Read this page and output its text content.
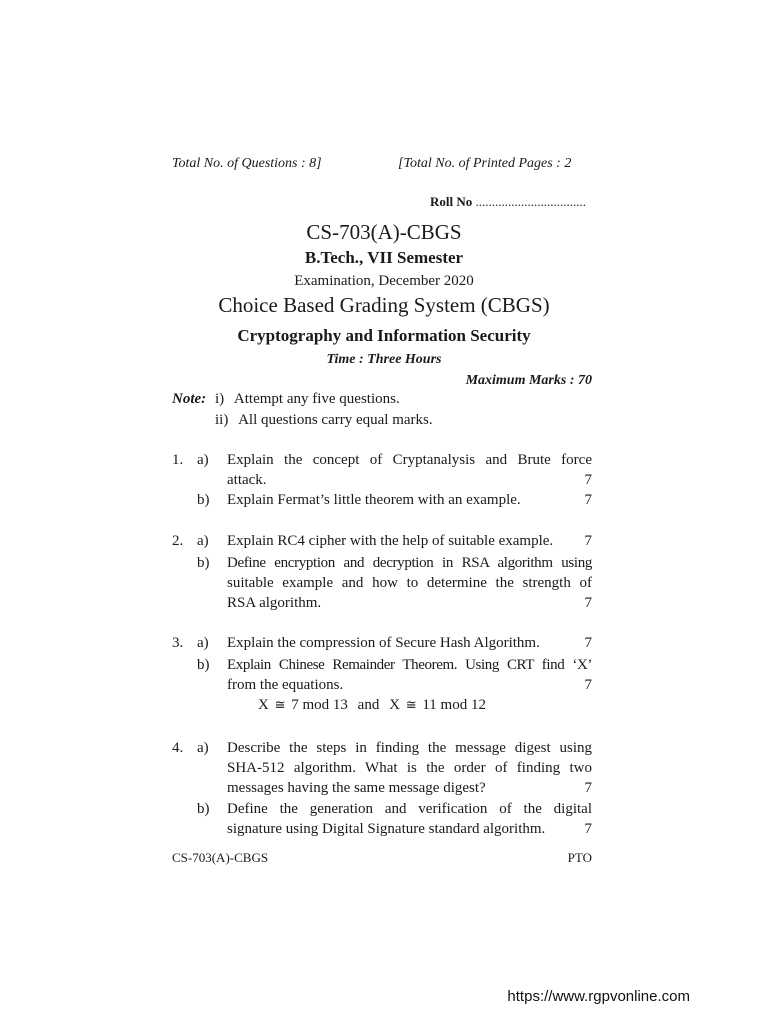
Total No. of Questions : 8]	[Total No. of Printed Pages : 2
Roll No ..................................
CS-703(A)-CBGS
B.Tech., VII Semester
Examination, December 2020
Choice Based Grading System (CBGS)
Cryptography and Information Security
Time : Three Hours
Maximum Marks : 70
Note: i) Attempt any five questions.
ii) All questions carry equal marks.
1. a)	Explain the concept of Cryptanalysis and Brute force
attack.	7
b)	Explain Fermat’s little theorem with an example.	7
2. a)	Explain RC4 cipher with the help of suitable example.	7
b)	Define encryption and decryption in RSA algorithm using
suitable example and how to determine the strength of
RSA algorithm.	7
3. a)	Explain the compression of Secure Hash Algorithm.	7
b)	Explain Chinese Remainder Theorem. Using CRT find ‘X’
from the equations.	7
X ≅ 7 mod 13 and X ≅ 11 mod 12
4. a)	Describe the steps in finding the message digest using
SHA-512 algorithm. What is the order of finding two
messages having the same message digest?	7
b)	Define the generation and verification of the digital
signature using Digital Signature standard algorithm.	7
CS-703(A)-CBGS	PTO
https://www.rgpvonline.com
